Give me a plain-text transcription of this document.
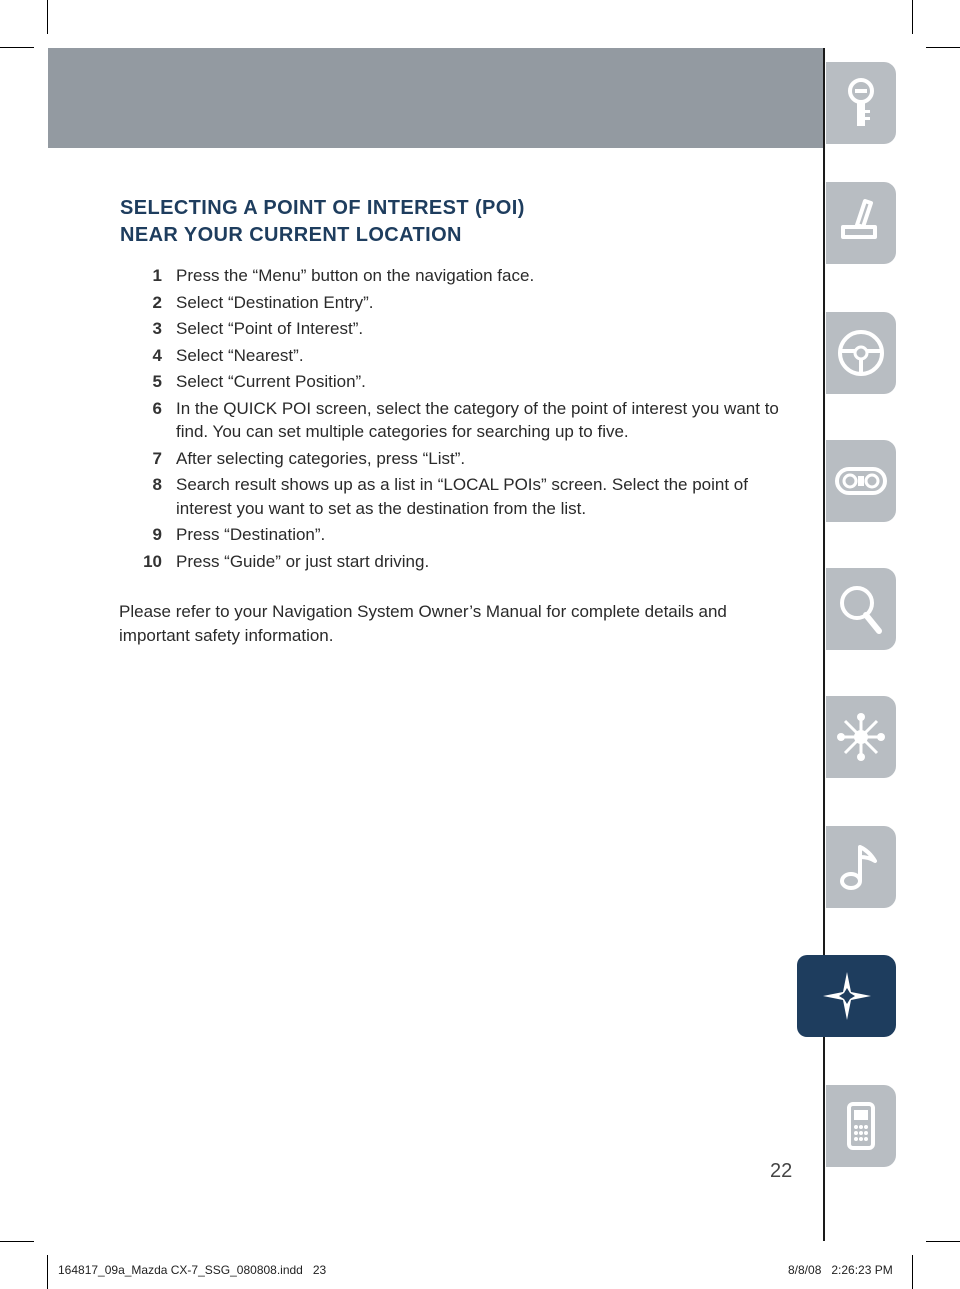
SELECTING A POINT OF INTEREST (POI)
NEAR YOUR CURRENT LOCATION
1 Press the “Menu” button on the navigation face.
2 Select “Destination Entry”.
3 Select “Point of Interest”.
4 Select “Nearest”.
5 Select “Current Position”.
6 In the QUICK POI screen, select the category of the point of interest you want to find. You can set multiple categories for searching up to five.
7 After selecting categories, press “List”.
8 Search result shows up as a list in “LOCAL POIs” screen. Select the point of interest you want to set as the destination from the list.
9 Press “Destination”.
10 Press “Guide” or just start driving.

Please refer to your Navigation System Owner’s Manual for complete details and important safety information.

22
164817_09a_Mazda CX-7_SSG_080808.indd   23	8/8/08   2:26:23 PM
